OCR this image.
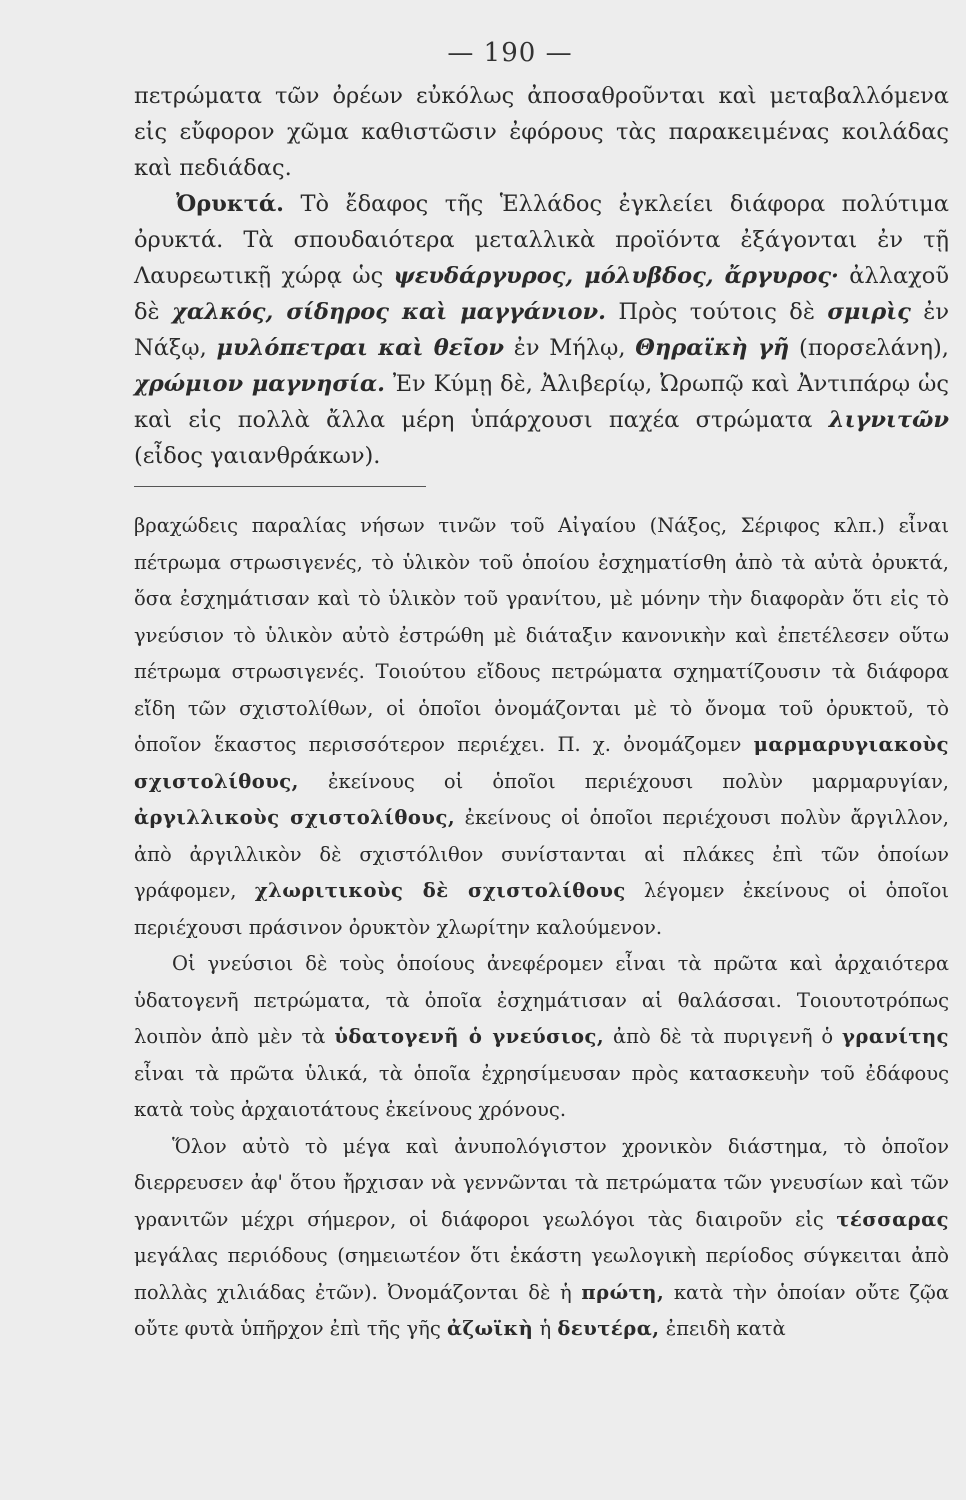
— 190 —

πετρώματα τῶν ὀρέων εὐκόλως ἀποσαθροῦνται καὶ μεταβαλλόμενα εἰς εὔφορον χῶμα καθιστῶσιν ἐφόρους τὰς παρακειμένας κοιλάδας καὶ πεδιάδας.

Ὀρυκτά. Τὸ ἔδαφος τῆς Ἑλλάδος ἐγκλείει διάφορα πολύτιμα ὀρυκτά. Τὰ σπουδαιότερα μεταλλικὰ προϊόντα ἐξάγονται ἐν τῇ Λαυρεωτικῇ χώρᾳ ὡς ψευδάργυρος, μόλυβδος, ἄργυρος· ἀλλαχοῦ δὲ χαλκός, σίδηρος καὶ μαγγάνιον. Πρὸς τούτοις δὲ σμιρὶς ἐν Νάξῳ, μυλόπετραι καὶ θεῖον ἐν Μήλῳ, Θηραϊκὴ γῆ (πορσελάνη), χρώμιον μαγνησία. Ἐν Κύμῃ δὲ, Ἀλιβερίῳ, Ὠρωπῷ καὶ Ἀντιπάρῳ ὡς καὶ εἰς πολλὰ ἄλλα μέρη ὑπάρχουσι παχέα στρώματα λιγνιτῶν (εἶδος γαιανθράκων).

βραχώδεις παραλίας νήσων τινῶν τοῦ Αἰγαίου (Νάξος, Σέριφος κλπ.) εἶναι πέτρωμα στρωσιγενές, τὸ ὑλικὸν τοῦ ὁποίου ἐσχηματίσθη ἀπὸ τὰ αὐτὰ ὀρυκτά, ὅσα ἐσχημάτισαν καὶ τὸ ὑλικὸν τοῦ γρανίτου, μὲ μόνην τὴν διαφορὰν ὅτι εἰς τὸ γνεύσιον τὸ ὑλικὸν αὐτὸ ἐστρώθη μὲ διάταξιν κανονικὴν καὶ ἐπετέλεσεν οὕτω πέτρωμα στρωσιγενές. Τοιούτου εἴδους πετρώματα σχηματίζουσιν τὰ διάφορα εἴδη τῶν σχιστολίθων, οἱ ὁποῖοι ὀνομάζονται μὲ τὸ ὄνομα τοῦ ὀρυκτοῦ, τὸ ὁποῖον ἕκαστος περισσότερον περιέχει. Π. χ. ὀνομάζομεν μαρμαρυγιακοὺς σχιστολίθους, ἐκείνους οἱ ὁποῖοι περιέχουσι πολὺν μαρμαρυγίαν, ἀργιλλικοὺς σχιστολίθους, ἐκείνους οἱ ὁποῖοι περιέχουσι πολὺν ἄργιλλον, ἀπὸ ἀργιλλικὸν δὲ σχιστόλιθον συνίστανται αἱ πλάκες ἐπὶ τῶν ὁποίων γράφομεν, χλωριτικοὺς δὲ σχιστολίθους λέγομεν ἐκείνους οἱ ὁποῖοι περιέχουσι πράσινον ὀρυκτὸν χλωρίτην καλούμενον.

Οἱ γνεύσιοι δὲ τοὺς ὁποίους ἀνεφέρομεν εἶναι τὰ πρῶτα καὶ ἀρχαιότερα ὑδατογενῆ πετρώματα, τὰ ὁποῖα ἐσχημάτισαν αἱ θαλάσσαι. Τοιουτοτρόπως λοιπὸν ἀπὸ μὲν τὰ ὑδατογενῆ ὁ γνεύσιος, ἀπὸ δὲ τὰ πυριγενῆ ὁ γρανίτης εἶναι τὰ πρῶτα ὑλικά, τὰ ὁποῖα ἐχρησίμευσαν πρὸς κατασκευὴν τοῦ ἐδάφους κατὰ τοὺς ἀρχαιοτάτους ἐκείνους χρόνους.

Ὅλον αὐτὸ τὸ μέγα καὶ ἀνυπολόγιστον χρονικὸν διάστημα, τὸ ὁποῖον διερρευσεν ἀφ' ὅτου ἤρχισαν νὰ γεννῶνται τὰ πετρώματα τῶν γνευσίων καὶ τῶν γρανιτῶν μέχρι σήμερον, οἱ διάφοροι γεωλόγοι τὰς διαιροῦν εἰς τέσσαρας μεγάλας περιόδους (σημειωτέον ὅτι ἑκάστη γεωλογικὴ περίοδος σύγκειται ἀπὸ πολλὰς χιλιάδας ἐτῶν). Ὀνομάζονται δὲ ἡ πρώτη, κατὰ τὴν ὁποίαν οὔτε ζῷα οὔτε φυτὰ ὑπῆρχον ἐπὶ τῆς γῆς ἀζωϊκὴ ἡ δευτέρα, ἐπειδὴ κατὰ
